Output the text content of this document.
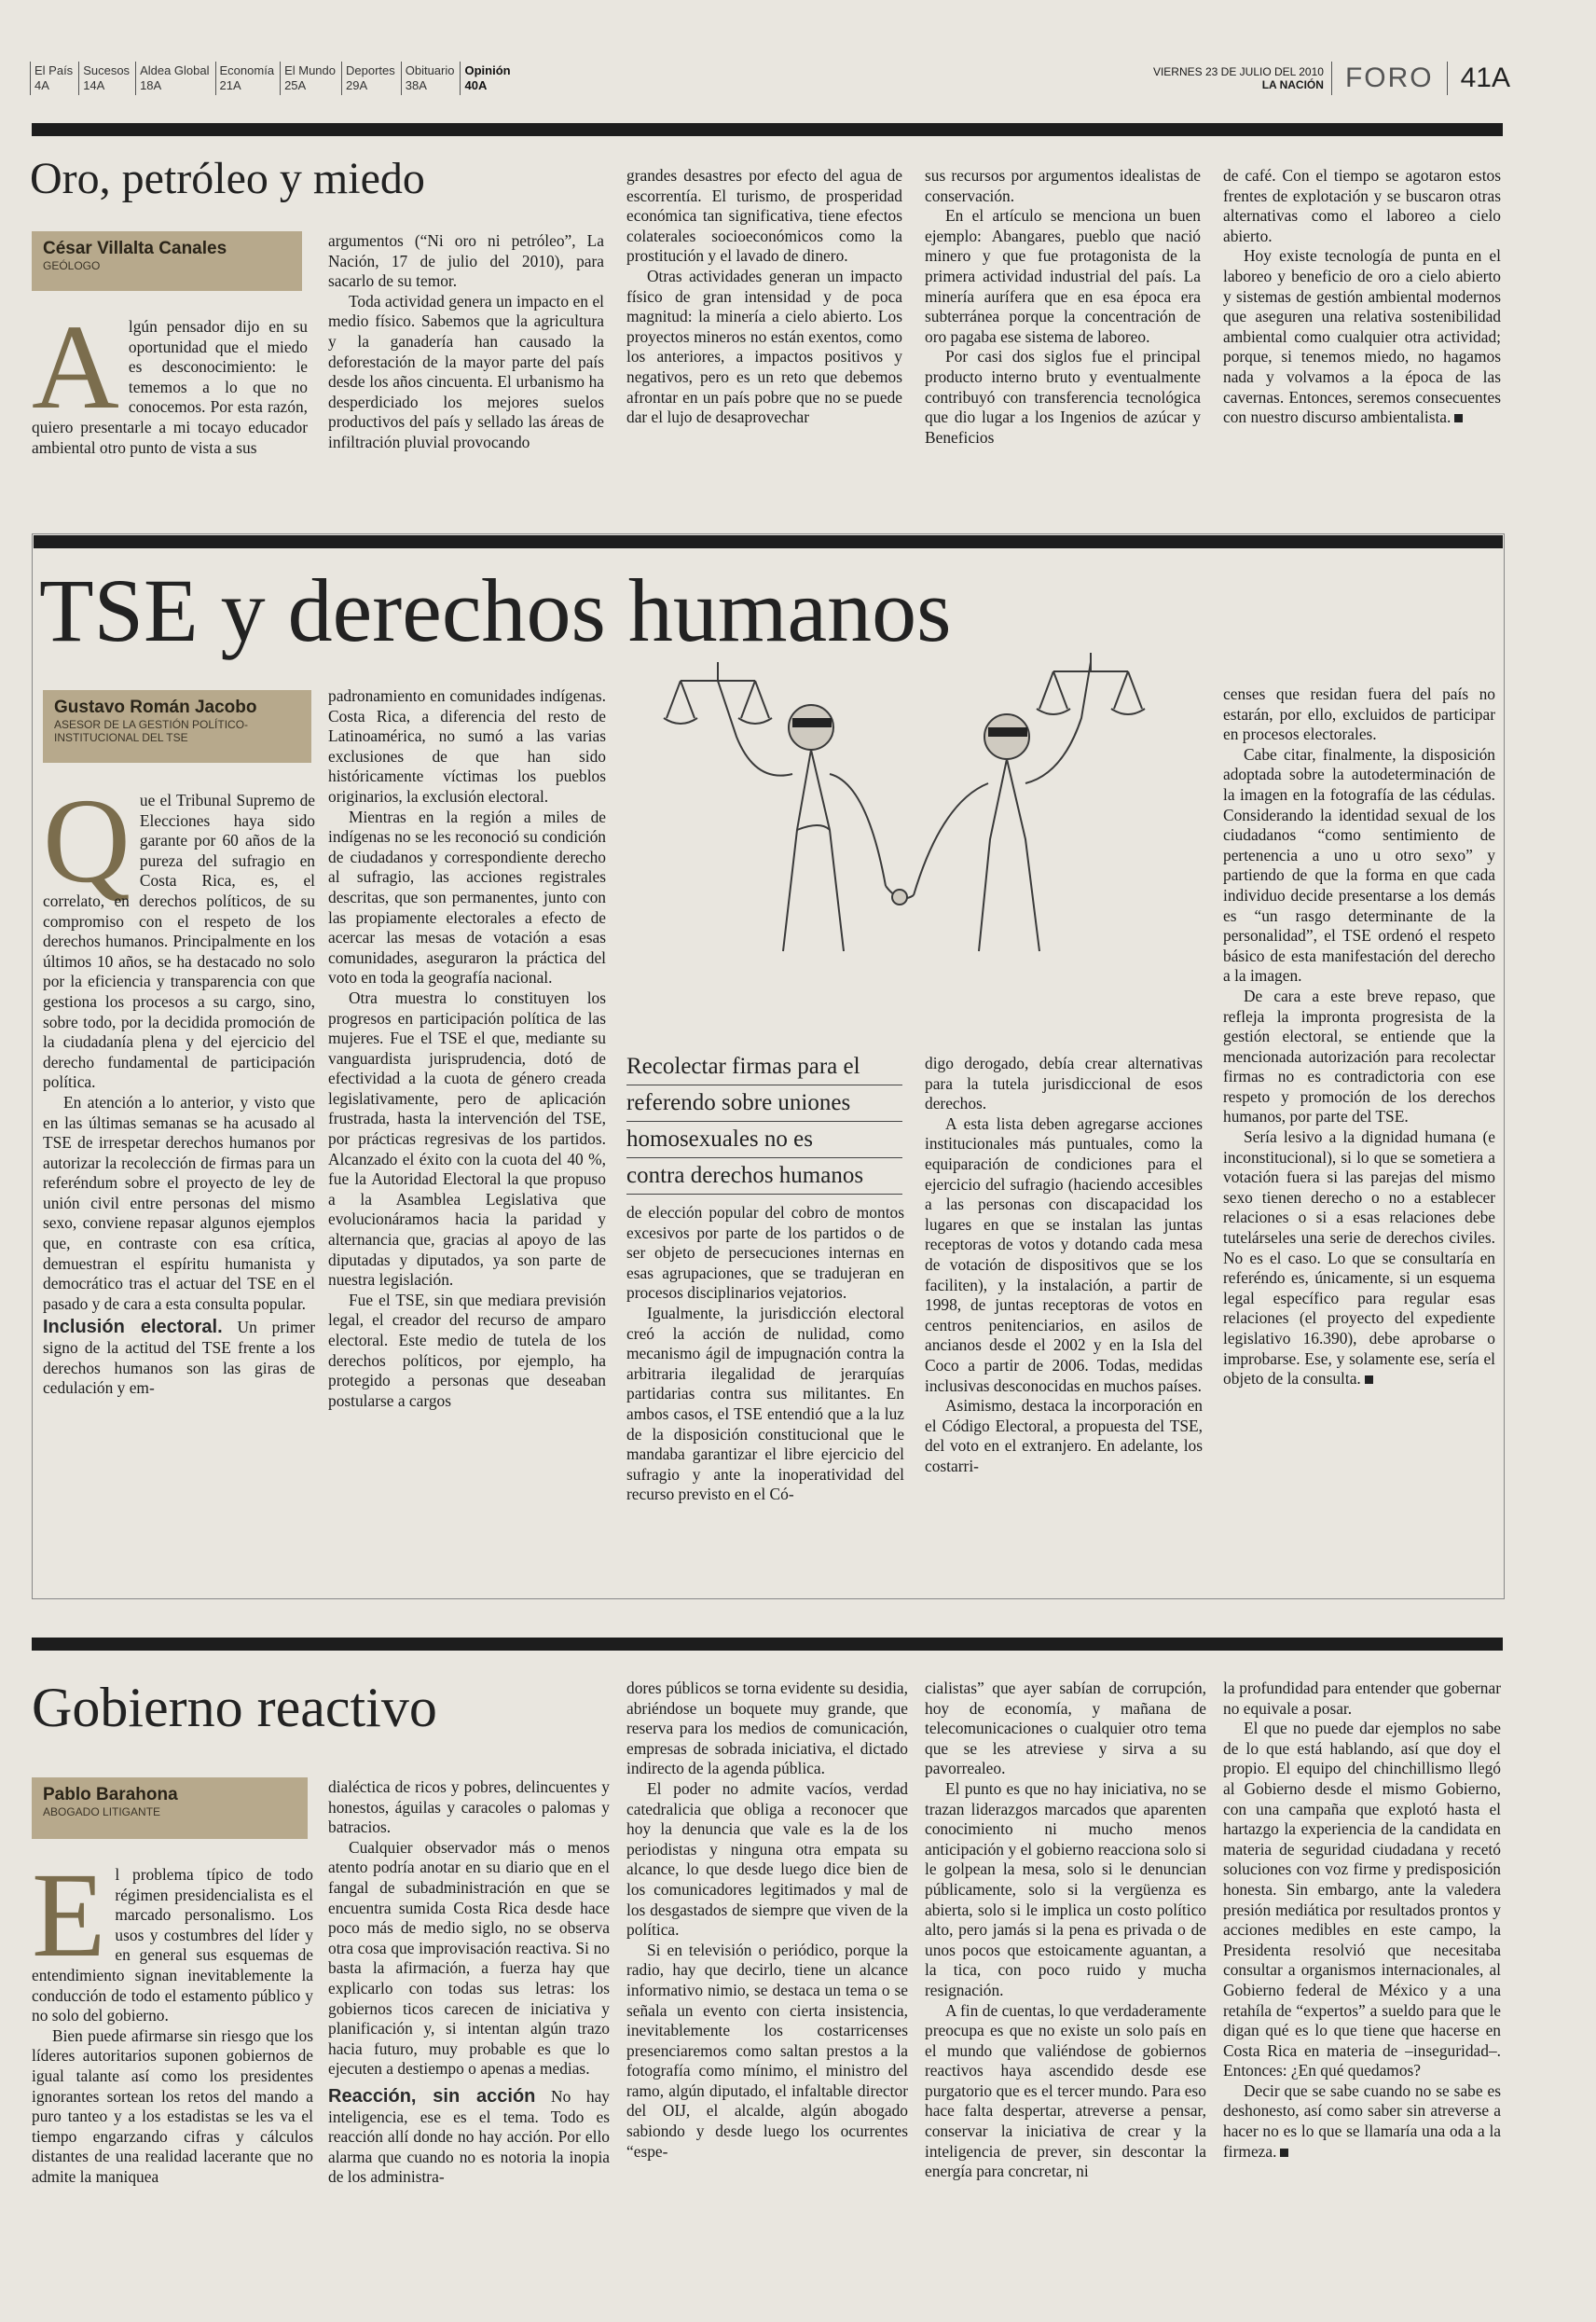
El País
4A
Sucesos
14A
Aldea Global
18A
Economía
21A
El Mundo
25A
Deportes
29A
Obituario
38A
Opinión
40A
VIERNES 23 DE JULIO DEL 2010
LA NACIÓN FORO 41A
Oro, petróleo y miedo
César Villalta Canales
GEÓLOGO

Algún pensador dijo en su oportunidad que el miedo es desconocimiento: le tememos a lo que no conocemos. Por esta razón, quiero presentarle a mi tocayo educador ambiental otro punto de vista a sus

argumentos (“Ni oro ni petróleo”, La Nación, 17 de julio del 2010), para sacarlo de su temor.

Toda actividad genera un impacto en el medio físico. Sabemos que la agricultura y la ganadería han causado la deforestación de la mayor parte del país desde los años cincuenta. El urbanismo ha desperdiciado los mejores suelos productivos del país y sellado las áreas de infiltración pluvial provocando

grandes desastres por efecto del agua de escorrentía. El turismo, de prosperidad económica tan significativa, tiene efectos colaterales socioeconómicos como la prostitución y el lavado de dinero.

Otras actividades generan un impacto físico de gran intensidad y de poca magnitud: la minería a cielo abierto. Los proyectos mineros no están exentos, como los anteriores, a impactos positivos y negativos, pero es un reto que debemos afrontar en un país pobre que no se puede dar el lujo de desaprovechar

sus recursos por argumentos idealistas de conservación.

En el artículo se menciona un buen ejemplo: Abangares, pueblo que nació minero y que fue protagonista de la primera actividad industrial del país. La minería aurífera que en esa época era subterránea porque la concentración de oro pagaba ese sistema de laboreo.

Por casi dos siglos fue el principal producto interno bruto y eventualmente contribuyó con transferencia tecnológica que dio lugar a los Ingenios de azúcar y Beneficios

de café. Con el tiempo se agotaron estos frentes de explotación y se buscaron otras alternativas como el laboreo a cielo abierto.

Hoy existe tecnología de punta en el laboreo y beneficio de oro a cielo abierto y sistemas de gestión ambiental modernos que aseguren una relativa sostenibilidad ambiental como cualquier otra actividad; porque, si tenemos miedo, no hagamos nada y volvamos a la época de las cavernas. Entonces, seremos consecuentes con nuestro discurso ambientalista.

TSE y derechos humanos
Gustavo Román Jacobo
ASESOR DE LA GESTIÓN POLÍTICO-INSTITUCIONAL DEL TSE

Que el Tribunal Supremo de Elecciones haya sido garante por 60 años de la pureza del sufragio en Costa Rica, es, el correlato, en derechos políticos, de su compromiso con el respeto de los derechos humanos. Principalmente en los últimos 10 años, se ha destacado no solo por la eficiencia y transparencia con que gestiona los procesos a su cargo, sino, sobre todo, por la decidida promoción de la ciudadanía plena y del ejercicio del derecho fundamental de participación política.

En atención a lo anterior, y visto que en las últimas semanas se ha acusado al TSE de irrespetar derechos humanos por autorizar la recolección de firmas para un referéndum sobre el proyecto de ley de unión civil entre personas del mismo sexo, conviene repasar algunos ejemplos que, en contraste con esa crítica, demuestran el espíritu humanista y democrático tras el actuar del TSE en el pasado y de cara a esta consulta popular.

Inclusión electoral. Un primer signo de la actitud del TSE frente a los derechos humanos son las giras de cedulación y em-

padronamiento en comunidades indígenas. Costa Rica, a diferencia del resto de Latinoamérica, no sumó a las varias exclusiones de que han sido históricamente víctimas los pueblos originarios, la exclusión electoral.

Mientras en la región a miles de indígenas no se les reconoció su condición de ciudadanos y correspondiente derecho al sufragio, las acciones registrales descritas, que son permanentes, junto con las propiamente electorales a efecto de acercar las mesas de votación a esas comunidades, aseguraron la práctica del voto en toda la geografía nacional.

Otra muestra lo constituyen los progresos en participación política de las mujeres. Fue el TSE el que, mediante su vanguardista jurisprudencia, dotó de efectividad a la cuota de género creada legislativamente, pero de aplicación frustrada, hasta la intervención del TSE, por prácticas regresivas de los partidos. Alcanzado el éxito con la cuota del 40 %, fue la Autoridad Electoral la que propuso a la Asamblea Legislativa que evolucionáramos hacia la paridad y alternancia que, gracias al apoyo de las diputadas y diputados, ya son parte de nuestra legislación.

Fue el TSE, sin que mediara previsión legal, el creador del recurso de amparo electoral. Este medio de tutela de los derechos políticos, por ejemplo, ha protegido a personas que deseaban postularse a cargos

Recolectar firmas para el
referendo sobre uniones
homosexuales no es
contra derechos humanos

de elección popular del cobro de montos excesivos por parte de los partidos o de ser objeto de persecuciones internas en esas agrupaciones, que se tradujeran en procesos disciplinarios vejatorios.

Igualmente, la jurisdicción electoral creó la acción de nulidad, como mecanismo ágil de impugnación contra la arbitraria ilegalidad de jerarquías partidarias contra sus militantes. En ambos casos, el TSE entendió que a la luz de la disposición constitucional que le mandaba garantizar el libre ejercicio del sufragio y ante la inoperatividad del recurso previsto en el Có-

digo derogado, debía crear alternativas para la tutela jurisdiccional de esos derechos.

A esta lista deben agregarse acciones institucionales más puntuales, como la equiparación de condiciones para el ejercicio del sufragio (haciendo accesibles a las personas con discapacidad los lugares en que se instalan las juntas receptoras de votos y dotando cada mesa de votación de dispositivos que se los faciliten), y la instalación, a partir de 1998, de juntas receptoras de votos en centros penitenciarios, en asilos de ancianos desde el 2002 y en la Isla del Coco a partir de 2006. Todas, medidas inclusivas desconocidas en muchos países.

Asimismo, destaca la incorporación en el Código Electoral, a propuesta del TSE, del voto en el extranjero. En adelante, los costarri-

censes que residan fuera del país no estarán, por ello, excluidos de participar en procesos electorales.

Cabe citar, finalmente, la disposición adoptada sobre la autodeterminación de la imagen en la fotografía de las cédulas. Considerando la identidad sexual de los ciudadanos “como sentimiento de pertenencia a uno u otro sexo” y partiendo de que la forma en que cada individuo decide presentarse a los demás es “un rasgo determinante de la personalidad”, el TSE ordenó el respeto básico de esta manifestación del derecho a la imagen.

De cara a este breve repaso, que refleja la impronta progresista de la gestión electoral, se entiende que la mencionada autorización para recolectar firmas no es contradictoria con ese respeto y promoción de los derechos humanos, por parte del TSE.

Sería lesivo a la dignidad humana (e inconstitucional), si lo que se sometiera a votación fuera si las parejas del mismo sexo tienen derecho o no a establecer relaciones o si a esas relaciones debe tutelárseles una serie de derechos civiles. No es el caso. Lo que se consultaría en referéndo es, únicamente, si un esquema legal específico para regular esas relaciones (el proyecto del expediente legislativo 16.390), debe aprobarse o improbarse. Ese, y solamente ese, sería el objeto de la consulta.

Gobierno reactivo
Pablo Barahona
ABOGADO LITIGANTE

El problema típico de todo régimen presidencialista es el marcado personalismo. Los usos y costumbres del líder y en general sus esquemas de entendimiento signan inevitablemente la conducción de todo el estamento público y no solo del gobierno.

Bien puede afirmarse sin riesgo que los líderes autoritarios suponen gobiernos de igual talante así como los presidentes ignorantes sortean los retos del mando a puro tanteo y a los estadistas se les va el tiempo engarzando cifras y cálculos distantes de una realidad lacerante que no admite la maniquea

dialéctica de ricos y pobres, delincuentes y honestos, águilas y caracoles o palomas y batracios.

Cualquier observador más o menos atento podría anotar en su diario que en el fangal de subadministración en que se encuentra sumida Costa Rica desde hace poco más de medio siglo, no se observa otra cosa que improvisación reactiva. Si no basta la afirmación, a fuerza hay que explicarlo con todas sus letras: los gobiernos ticos carecen de iniciativa y planificación y, si intentan algún trazo hacia futuro, muy probable es que lo ejecuten a destiempo o apenas a medias.

Reacción, sin acción No hay inteligencia, ese es el tema. Todo es reacción allí donde no hay acción. Por ello alarma que cuando no es notoria la inopia de los administra-

dores públicos se torna evidente su desidia, abriéndose un boquete muy grande, que reserva para los medios de comunicación, empresas de sobrada iniciativa, el dictado indirecto de la agenda pública.

El poder no admite vacíos, verdad catedralicia que obliga a reconocer que hoy la denuncia que vale es la de los periodistas y ninguna otra empata su alcance, lo que desde luego dice bien de los comunicadores legitimados y mal de los desgastados de siempre que viven de la política.

Si en televisión o periódico, porque la radio, hay que decirlo, tiene un alcance informativo nimio, se destaca un tema o se señala un evento con cierta insistencia, inevitablemente los costarricenses presenciaremos como saltan prestos a la fotografía como mínimo, el ministro del ramo, algún diputado, el infaltable director del OIJ, el alcalde, algún abogado sabiondo y desde luego los ocurrentes “espe-

cialistas” que ayer sabían de corrupción, hoy de economía, y mañana de telecomunicaciones o cualquier otro tema que se les atreviese y sirva a su pavorrealeo.

El punto es que no hay iniciativa, no se trazan liderazgos marcados que aparenten conocimiento ni mucho menos anticipación y el gobierno reacciona solo si le golpean la mesa, solo si le denuncian públicamente, solo si la vergüenza es abierta, solo si le implica un costo político alto, pero jamás si la pena es privada o de unos pocos que estoicamente aguantan, a la tica, con poco ruido y mucha resignación.

A fin de cuentas, lo que verdaderamente preocupa es que no existe un solo país en el mundo que valiéndose de gobiernos reactivos haya ascendido desde ese purgatorio que es el tercer mundo. Para eso hace falta despertar, atreverse a pensar, conservar la iniciativa de crear y la inteligencia de prever, sin descontar la energía para concretar, ni

la profundidad para entender que gobernar no equivale a posar.

El que no puede dar ejemplos no sabe de lo que está hablando, así que doy el propio. El equipo del chinchillismo llegó al Gobierno desde el mismo Gobierno, con una campaña que explotó hasta el hartazgo la experiencia de la candidata en materia de seguridad ciudadana y recetó soluciones con voz firme y predisposición honesta. Sin embargo, ante la valedera presión mediática por resultados prontos y acciones medibles en este campo, la Presidenta resolvió que necesitaba consultar a organismos internacionales, al Gobierno federal de México y a una retahíla de “expertos” a sueldo para que le digan qué es lo que tiene que hacerse en Costa Rica en materia de –inseguridad–. Entonces: ¿En qué quedamos?

Decir que se sabe cuando no se sabe es deshonesto, así como saber sin atreverse a hacer no es lo que se llamaría una oda a la firmeza.
